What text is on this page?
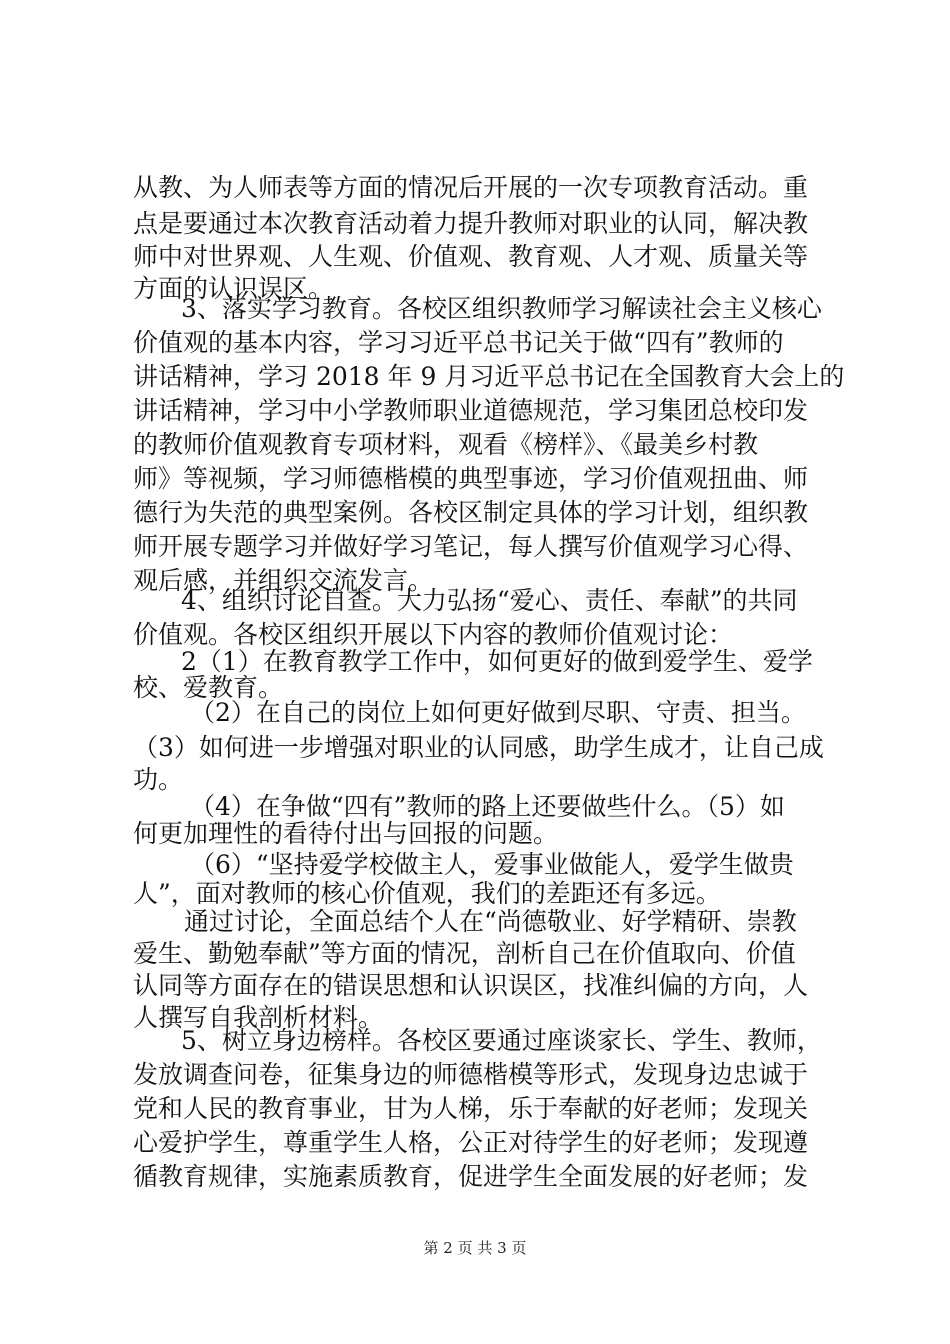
从教、为人师表等方面的情况后开展的一次专项教育活动。重
点是要通过本次教育活动着力提升教师对职业的认同，解决教
师中对世界观、人生观、价值观、教育观、人才观、质量关等
方面的认识误区。
3、落实学习教育。各校区组织教师学习解读社会主义核心
价值观的基本内容，学习习近平总书记关于做“四有”教师的
讲话精神，学习 2018 年 9 月习近平总书记在全国教育大会上的
讲话精神，学习中小学教师职业道德规范，学习集团总校印发
的教师价值观教育专项材料，观看《榜样》、《最美乡村教
师》等视频，学习师德楷模的典型事迹，学习价值观扭曲、师
德行为失范的典型案例。各校区制定具体的学习计划，组织教
师开展专题学习并做好学习笔记，每人撰写价值观学习心得、
观后感，并组织交流发言。
4、组织讨论自查。大力弘扬“爱心、责任、奉献”的共同
价值观。各校区组织开展以下内容的教师价值观讨论：
2（1）在教育教学工作中，如何更好的做到爱学生、爱学
校、爱教育。
（2）在自己的岗位上如何更好做到尽职、守责、担当。
（3）如何进一步增强对职业的认同感，助学生成才，让自己成
功。
（4）在争做“四有”教师的路上还要做些什么。（5）如
何更加理性的看待付出与回报的问题。
（6）“坚持爱学校做主人，爱事业做能人，爱学生做贵
人”，面对教师的核心价值观，我们的差距还有多远。
通过讨论，全面总结个人在“尚德敬业、好学精研、崇教
爱生、勤勉奉献”等方面的情况，剖析自己在价值取向、价值
认同等方面存在的错误思想和认识误区，找准纠偏的方向，人
人撰写自我剖析材料。
5、树立身边榜样。各校区要通过座谈家长、学生、教师，
发放调查问卷，征集身边的师德楷模等形式，发现身边忠诚于
党和人民的教育事业，甘为人梯，乐于奉献的好老师；发现关
心爱护学生，尊重学生人格，公正对待学生的好老师；发现遵
循教育规律，实施素质教育，促进学生全面发展的好老师；发
第 2 页 共 3 页
